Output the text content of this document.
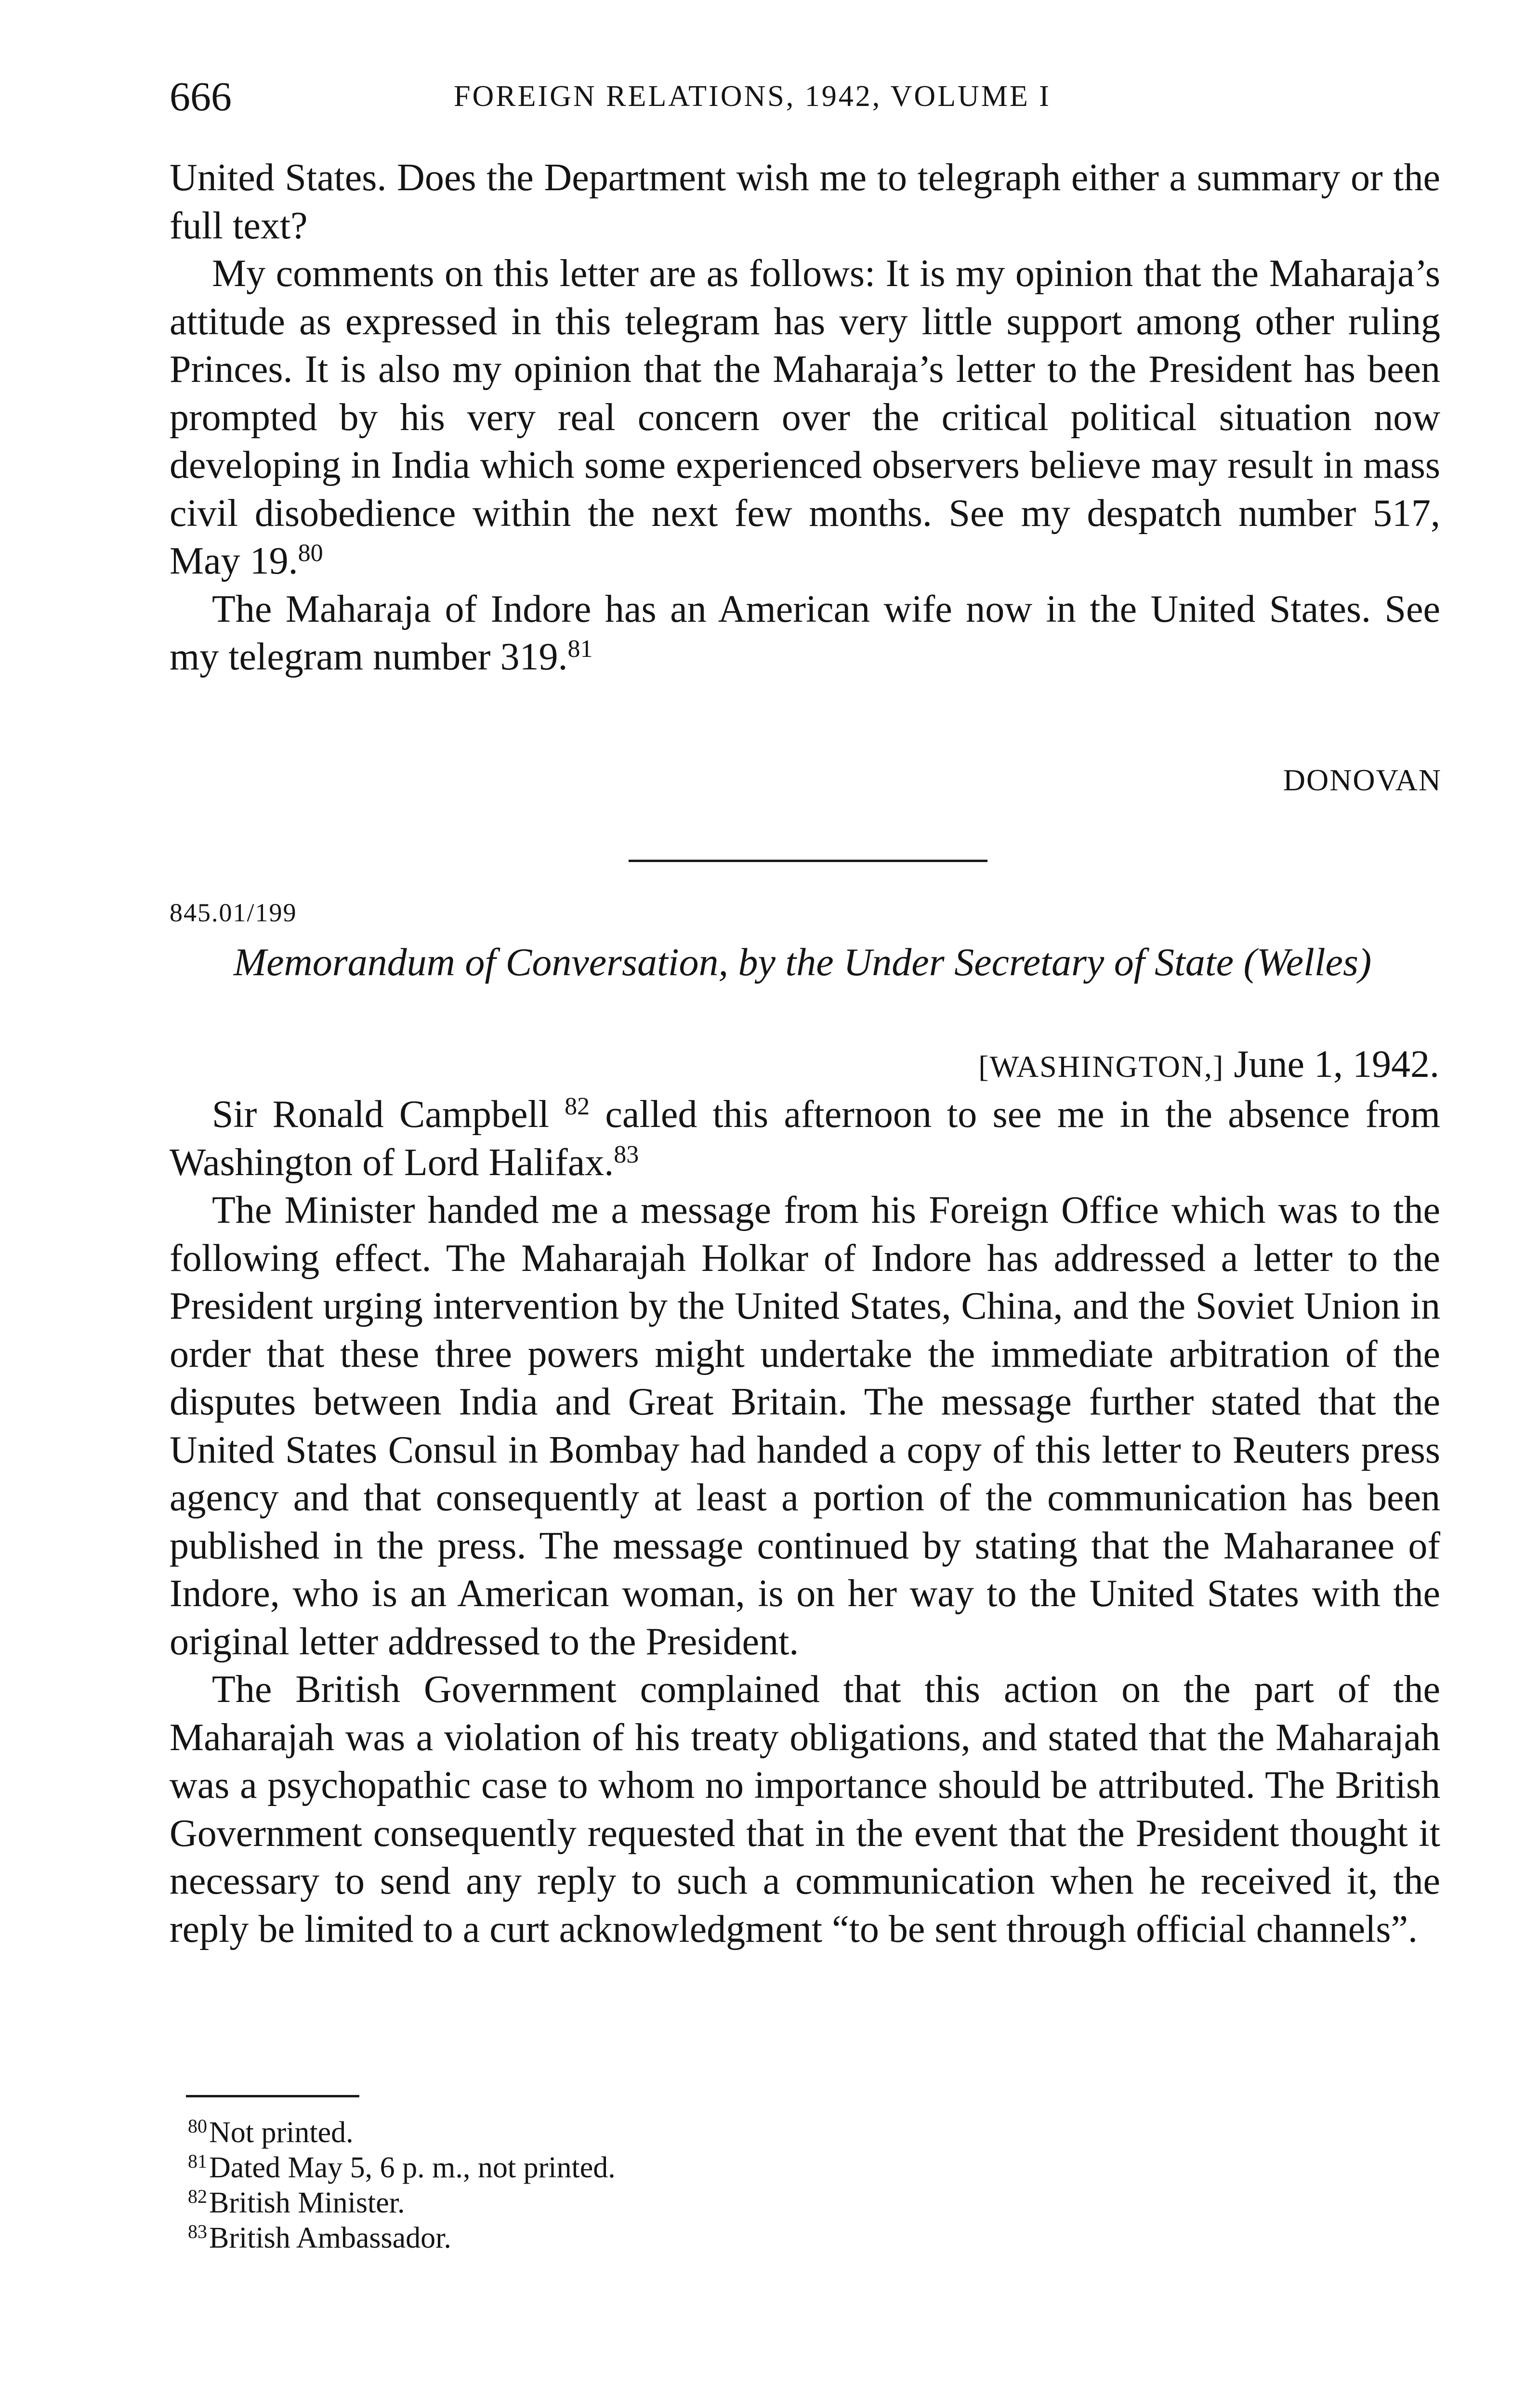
666	FOREIGN RELATIONS, 1942, VOLUME I

United States. Does the Department wish me to telegraph either a summary or the full text?

My comments on this letter are as follows: It is my opinion that the Maharaja’s attitude as expressed in this telegram has very little support among other ruling Princes. It is also my opinion that the Maharaja’s letter to the President has been prompted by his very real concern over the critical political situation now developing in India which some experienced observers believe may result in mass civil disobedience within the next few months. See my despatch number 517, May 19.80

The Maharaja of Indore has an American wife now in the United States. See my telegram number 319.81

DONOVAN
845.01/199
Memorandum of Conversation, by the Under Secretary of State (Welles)
[WASHINGTON,] June 1, 1942.

Sir Ronald Campbell $^{82}$ called this afternoon to see me in the absence from Washington of Lord Halifax.$^{83}$

The Minister handed me a message from his Foreign Office which was to the following effect. The Maharajah Holkar of Indore has addressed a letter to the President urging intervention by the United States, China, and the Soviet Union in order that these three powers might undertake the immediate arbitration of the disputes between India and Great Britain. The message further stated that the United States Consul in Bombay had handed a copy of this letter to Reuters press agency and that consequently at least a portion of the communication has been published in the press. The message continued by stating that the Maharanee of Indore, who is an American woman, is on her way to the United States with the original letter addressed to the President.

The British Government complained that this action on the part of the Maharajah was a violation of his treaty obligations, and stated that the Maharajah was a psychopathic case to whom no importance should be attributed. The British Government consequently requested that in the event that the President thought it necessary to send any reply to such a communication when he received it, the reply be limited to a curt acknowledgment “to be sent through official channels”.

$^{80}$Not printed.
$^{81}$Dated May 5, 6 p. m., not printed.
$^{82}$British Minister.
$^{83}$British Ambassador.
